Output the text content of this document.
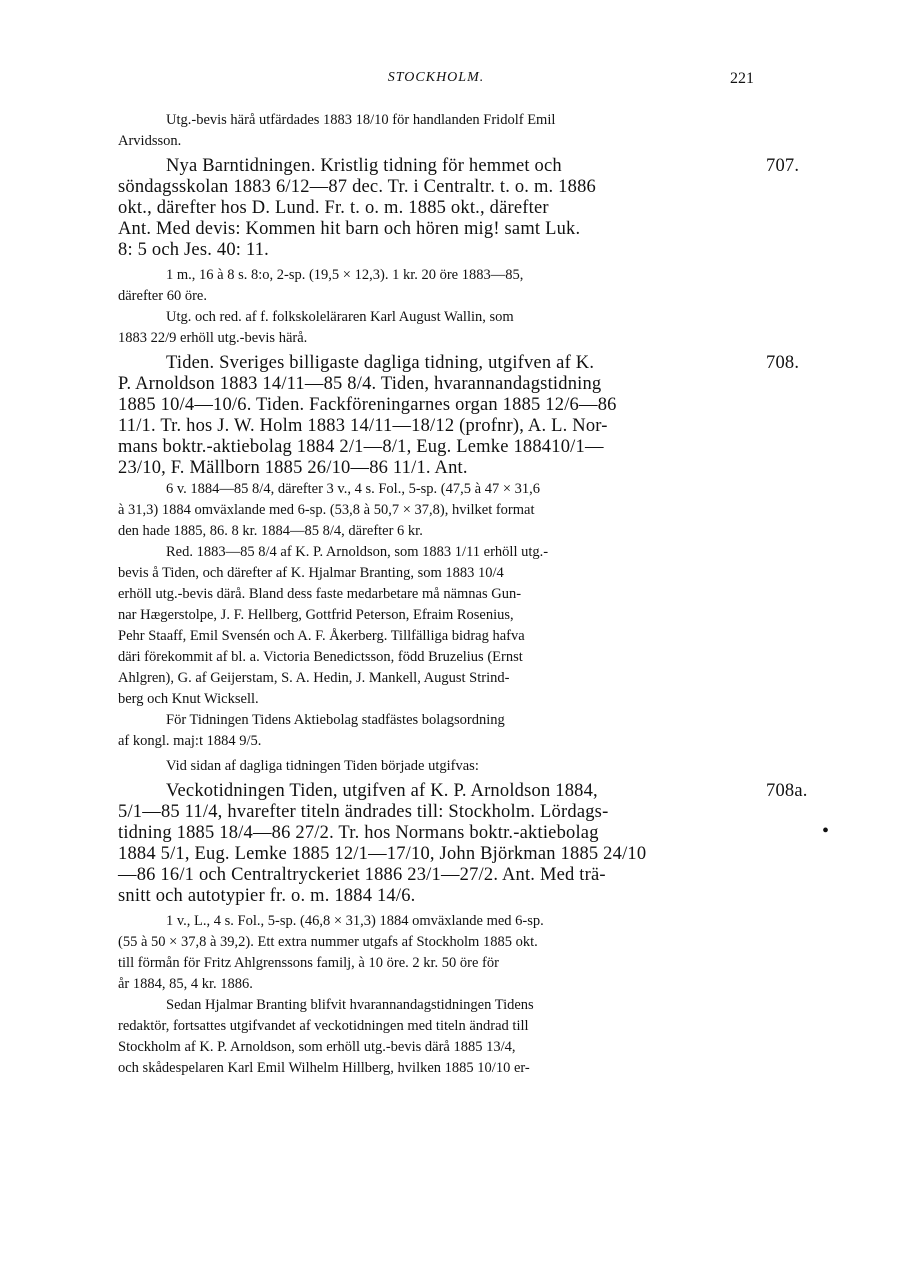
STOCKHOLM.	221
Utg.-bevis härå utfärdades 1883 18/10 för handlanden Fridolf Emil
Arvidsson.
Nya Barntidningen. Kristlig tidning för hemmet och	707.
söndagsskolan 1883 6/12—87 dec. Tr. i Centraltr. t. o. m. 1886
okt., därefter hos D. Lund. Fr. t. o. m. 1885 okt., därefter
Ant. Med devis: Kommen hit barn och hören mig! samt Luk.
8: 5 och Jes. 40: 11.
1 m., 16 à 8 s. 8:o, 2-sp. (19,5 × 12,3). 1 kr. 20 öre 1883—85,
därefter 60 öre.
Utg. och red. af f. folkskoleläraren Karl August Wallin, som
1883 22/9 erhöll utg.-bevis härå.
Tiden. Sveriges billigaste dagliga tidning, utgifven af K.	708.
P. Arnoldson 1883 14/11—85 8/4. Tiden, hvarannandagstidning
1885 10/4—10/6. Tiden. Fackföreningarnes organ 1885 12/6—86
11/1. Tr. hos J. W. Holm 1883 14/11—18/12 (profnr), A. L. Nor-
mans boktr.-aktiebolag 1884 2/1—8/1, Eug. Lemke 188410/1—
23/10, F. Mällborn 1885 26/10—86 11/1. Ant.
6 v. 1884—85 8/4, därefter 3 v., 4 s. Fol., 5-sp. (47,5 à 47 × 31,6
à 31,3) 1884 omväxlande med 6-sp. (53,8 à 50,7 × 37,8), hvilket format
den hade 1885, 86. 8 kr. 1884—85 8/4, därefter 6 kr.
Red. 1883—85 8/4 af K. P. Arnoldson, som 1883 1/11 erhöll utg.-
bevis å Tiden, och därefter af K. Hjalmar Branting, som 1883 10/4
erhöll utg.-bevis därå. Bland dess faste medarbetare må nämnas Gun-
nar Hægerstolpe, J. F. Hellberg, Gottfrid Peterson, Efraim Rosenius,
Pehr Staaff, Emil Svensén och A. F. Åkerberg. Tillfälliga bidrag hafva
däri förekommit af bl. a. Victoria Benedictsson, född Bruzelius (Ernst
Ahlgren), G. af Geijerstam, S. A. Hedin, J. Mankell, August Strind-
berg och Knut Wicksell.
För Tidningen Tidens Aktiebolag stadfästes bolagsordning
af kongl. maj:t 1884 9/5.
Vid sidan af dagliga tidningen Tiden började utgifvas:
Veckotidningen Tiden, utgifven af K. P. Arnoldson 1884,	708a.
5/1—85 11/4, hvarefter titeln ändrades till: Stockholm. Lördags-
tidning 1885 18/4—86 27/2. Tr. hos Normans boktr.-aktiebolag	•
1884 5/1, Eug. Lemke 1885 12/1—17/10, John Björkman 1885 24/10
—86 16/1 och Centraltryckeriet 1886 23/1—27/2. Ant. Med trä-
snitt och autotypier fr. o. m. 1884 14/6.
1 v., L., 4 s. Fol., 5-sp. (46,8 × 31,3) 1884 omväxlande med 6-sp.
(55 à 50 × 37,8 à 39,2). Ett extra nummer utgafs af Stockholm 1885 okt.
till förmån för Fritz Ahlgrenssons familj, à 10 öre. 2 kr. 50 öre för
år 1884, 85, 4 kr. 1886.
Sedan Hjalmar Branting blifvit hvarannandagstidningen Tidens
redaktör, fortsattes utgifvandet af veckotidningen med titeln ändrad till
Stockholm af K. P. Arnoldson, som erhöll utg.-bevis därå 1885 13/4,
och skådespelaren Karl Emil Wilhelm Hillberg, hvilken 1885 10/10 er-
